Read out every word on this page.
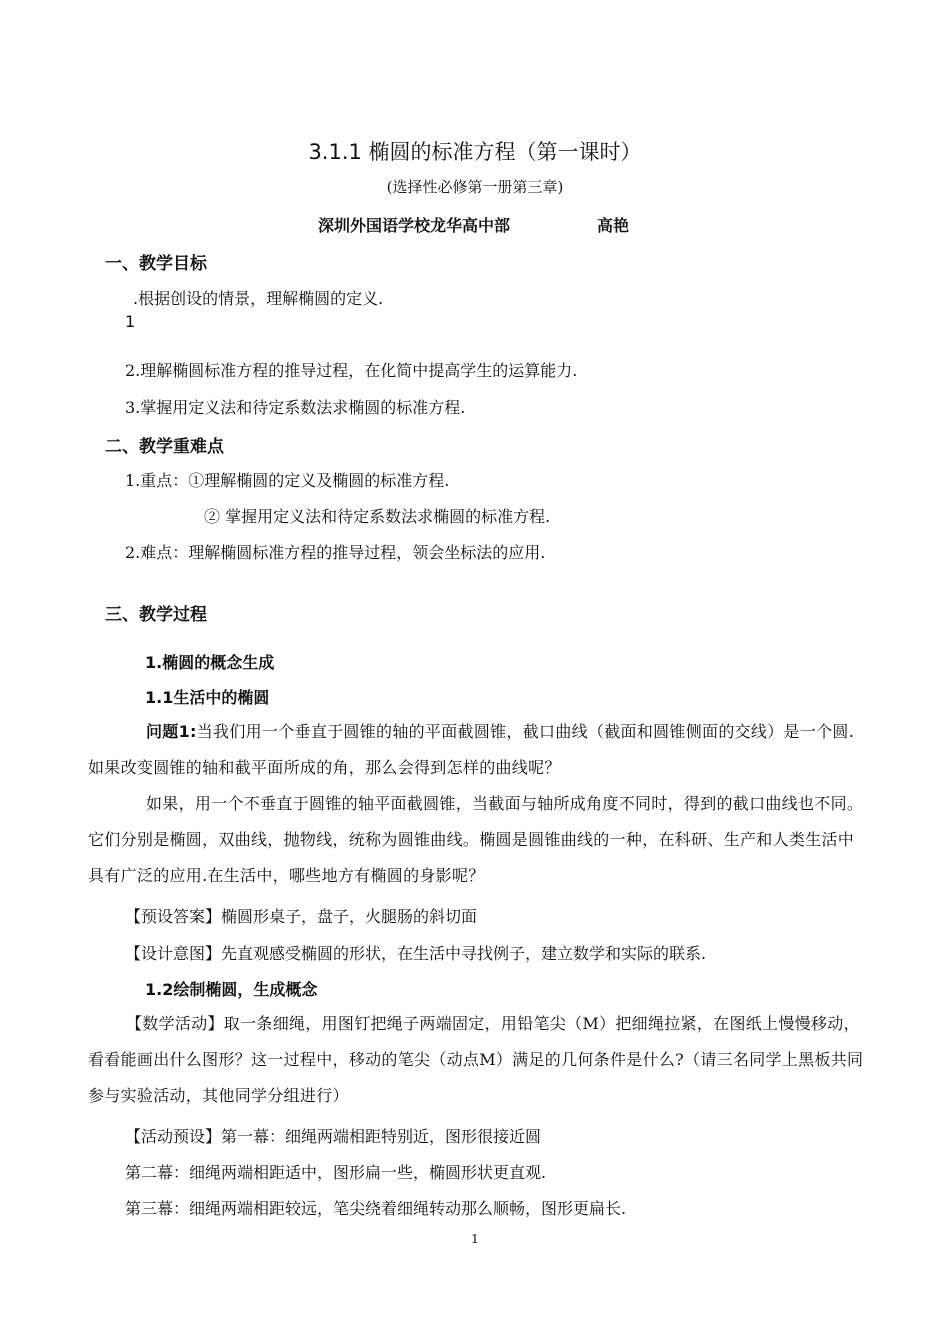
3.1.1 椭圆的标准方程（第一课时）
(选择性必修第一册第三章)
深圳外国语学校龙华高中部	高艳
一、教学目标
.根据创设的情景，理解椭圆的定义.
1
2.理解椭圆标准方程的推导过程，在化简中提高学生的运算能力.
3.掌握用定义法和待定系数法求椭圆的标准方程.
二、教学重难点
1.重点：①理解椭圆的定义及椭圆的标准方程.
② 掌握用定义法和待定系数法求椭圆的标准方程.
2.难点：理解椭圆标准方程的推导过程，领会坐标法的应用.
三、教学过程
1.椭圆的概念生成
1.1生活中的椭圆
问题1:当我们用一个垂直于圆锥的轴的平面截圆锥，截口曲线（截面和圆锥侧面的交线）是一个圆.如果改变圆锥的轴和截平面所成的角，那么会得到怎样的曲线呢？
如果，用一个不垂直于圆锥的轴平面截圆锥，当截面与轴所成角度不同时，得到的截口曲线也不同。它们分别是椭圆，双曲线，抛物线，统称为圆锥曲线。椭圆是圆锥曲线的一种，在科研、生产和人类生活中具有广泛的应用.在生活中，哪些地方有椭圆的身影呢？
【预设答案】椭圆形桌子，盘子，火腿肠的斜切面
【设计意图】先直观感受椭圆的形状，在生活中寻找例子，建立数学和实际的联系.
1.2绘制椭圆，生成概念
【数学活动】取一条细绳，用图钉把绳子两端固定，用铅笔尖（M）把细绳拉紧，在图纸上慢慢移动，看看能画出什么图形？这一过程中，移动的笔尖（动点M）满足的几何条件是什么?（请三名同学上黑板共同参与实验活动，其他同学分组进行）
【活动预设】第一幕：细绳两端相距特别近，图形很接近圆
第二幕：细绳两端相距适中，图形扁一些，椭圆形状更直观.
第三幕：细绳两端相距较远，笔尖绕着细绳转动那么顺畅，图形更扁长.
1
